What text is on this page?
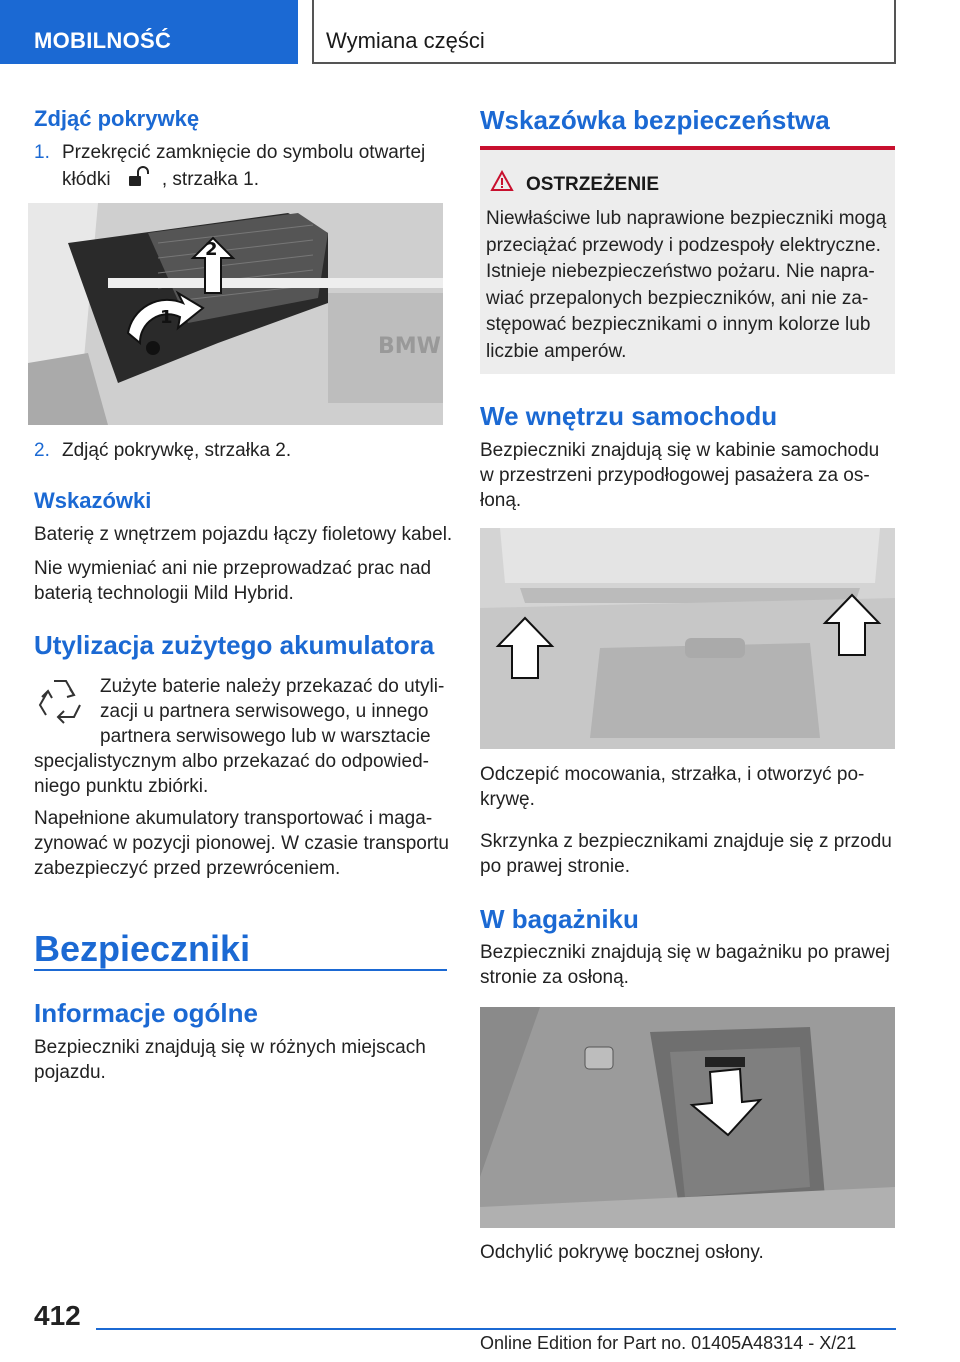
MOBILNOŚĆ	Wymiana części
Zdjąć pokrywkę
1. Przekręcić zamknięcie do symbolu otwartej
kłódki	, strzałka 1.
BMW
2
1
2. Zdjąć pokrywkę, strzałka 2.
Wskazówki
Baterię z wnętrzem pojazdu łączy fioletowy kabel.
Nie wymieniać ani nie przeprowadzać prac nad
baterią technologii Mild Hybrid.
Utylizacja zużytego akumulatora
Zużyte baterie należy przekazać do utyli‐
zacji u partnera serwisowego, u innego
partnera serwisowego lub w warsztacie
specjalistycznym albo przekazać do odpowied‐
niego punktu zbiórki.
Napełnione akumulatory transportować i maga‐
zynować w pozycji pionowej. W czasie transportu
zabezpieczyć przed przewróceniem.
Bezpieczniki
Informacje ogólne
Bezpieczniki znajdują się w różnych miejscach
pojazdu.
Wskazówka bezpieczeństwa
OSTRZEŻENIE
Niewłaściwe lub naprawione bezpieczniki mogą
przeciążać przewody i podzespoły elektryczne.
Istnieje niebezpieczeństwo pożaru. Nie napra‐
wiać przepalonych bezpieczników, ani nie za‐
stępować bezpiecznikami o innym kolorze lub
liczbie amperów.
We wnętrzu samochodu
Bezpieczniki znajdują się w kabinie samochodu
w przestrzeni przypodłogowej pasażera za os‐
łoną.
Odczepić mocowania, strzałka, i otworzyć po‐
krywę.
Skrzynka z bezpiecznikami znajduje się z przodu
po prawej stronie.
W bagażniku
Bezpieczniki znajdują się w bagażniku po prawej
stronie za osłoną.
Odchylić pokrywę bocznej osłony.
412
Online Edition for Part no. 01405A48314 - X/21
